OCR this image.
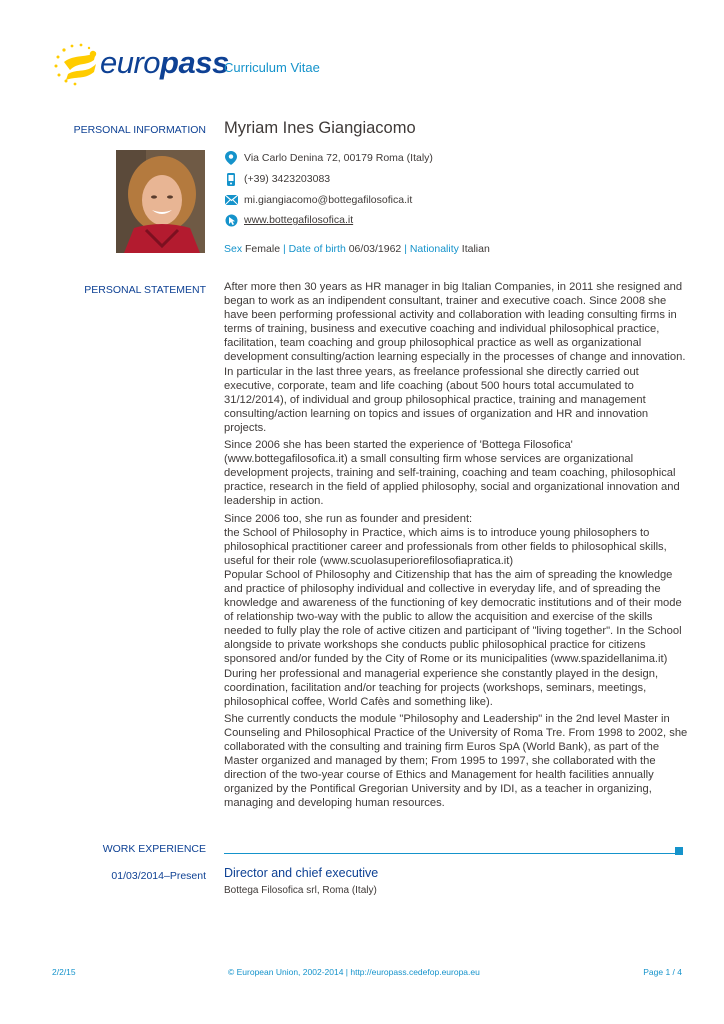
europass
Curriculum Vitae
PERSONAL INFORMATION Myriam Ines Giangiacomo
Via Carlo Denina 72, 00179 Roma (Italy)
(+39) 3423203083
mi.giangiacomo@bottegafilosofica.it
www.bottegafilosofica.it
Sex Female | Date of birth 06/03/1962 | Nationality Italian
PERSONAL STATEMENT After more then 30 years as HR manager in big Italian Companies, in 2011 she resigned and began to work as an indipendent consultant, trainer and executive coach. Since 2008 she have been performing professional activity and collaboration with leading consulting firms in terms of training, business and executive coaching and individual philosophical practice, facilitation, team coaching and group philosophical practice as well as organizational development consulting/action learning especially in the processes of change and innovation. In particular in the last three years, as freelance professional she directly carried out executive, corporate, team and life coaching (about 500 hours total accumulated to 31/12/2014), of individual and group philosophical practice, training and management consulting/action learning on topics and issues of organization and HR and innovation projects.

Since 2006 she has been started the experience of 'Bottega Filosofica' (www.bottegafilosofica.it) a small consulting firm whose services are organizational development projects, training and self-training, coaching and team coaching, philosophical practice, research in the field of applied philosophy, social and organizational innovation and leadership in action.

Since 2006 too, she run as founder and president:

the School of Philosophy in Practice, which aims is to introduce young philosophers to philosophical practitioner career and professionals from other fields to philosophical skills, useful for their role (www.scuolasuperiorefilosofiapratica.it)

Popular School of Philosophy and Citizenship that has the aim of spreading the knowledge and practice of philosophy individual and collective in everyday life, and of spreading the knowledge and awareness of the functioning of key democratic institutions and of their mode of relationship two-way with the public to allow the acquisition and exercise of the skills needed to fully play the role of active citizen and participant of "living together". In the School alongside to private workshops she conducts public philosophical practice for citizens sponsored and/or funded by the City of Rome or its municipalities (www.spazidellanima.it)

During her professional and managerial experience she constantly played in the design, coordination, facilitation and/or teaching for projects (workshops, seminars, meetings, philosophical coffee, World Cafès and something like).

She currently conducts the module "Philosophy and Leadership" in the 2nd level Master in Counseling and Philosophical Practice of the University of Roma Tre. From 1998 to 2002, she collaborated with the consulting and training firm Euros SpA (World Bank), as part of the Master organized and managed by them; From 1995 to 1997, she collaborated with the direction of the two-year course of Ethics and Management for health facilities annually organized by the Pontifical Gregorian University and by IDI, as a teacher in organizing, managing and developing human resources.

WORK EXPERIENCE
01/03/2014–Present Director and chief executive
Bottega Filosofica srl, Roma (Italy)
2/2/15	© European Union, 2002-2014 | http://europass.cedefop.europa.eu	Page 1 / 4
